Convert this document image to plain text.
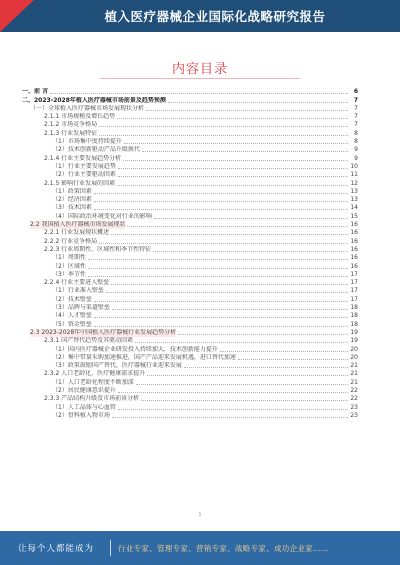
植入医疗器械企业国际化战略研究报告
内容目录
一、前 言	6
二、2023-2028年植入医疗器械市场前景及趋势预测	7
（一）全球植入医疗器械市场发展现状分析	7
2.1.1 市场规模及增长趋势	7
2.1.2 市场竞争格局	7
2.1.3 行业发展特征	8
（1）市场集中度持续提升	8
（2）技术创新驱动产品升级换代	9
2.1.4 行业主要发展趋势分析	9
（1）行业主要发展趋势	10
（2）行业主要驱动因素	11
2.1.5 影响行业发展的因素	12
（1）政策因素	13
（2）经济因素	13
（3）技术因素	14
（4）国际政治环境变化对行业的影响	15
2.2 我国植入医疗器械市场发展现状	16
2.2.1 行业发展现状概述	16
2.2.2 行业竞争格局	16
2.2.3 行业周期性、区域性和季节性特征	16
（1）周期性	16
（2）区域性	16
（3）季节性	17
2.2.4 行业主要进入壁垒	17
（1）行业准入壁垒	17
（2）技术壁垒	17
（3）品牌与渠道壁垒	18
（4）人才壁垒	18
（5）资金壁垒	18
2.3 2023-2028年中国植入医疗器械行业发展趋势分析	19
2.3.1 国产替代趋势及其驱动因素	19
（1）国内医疗器械企业研发投入持续加大，技术创新能力提升	20
（2）集中带量采购加速推进，国产产品迎来发展机遇，进口替代加速	20
（3）政策鼓励国产替代，医疗器械行业迎来发展	21
2.3.2 人口老龄化、医疗健康需求提升	21
（1）人口老龄化程度不断加深	21
（2）居民健康意识提升	22
2.3.3 产品结构升级及市场前景分析	22
（1）人工晶体与心血管	23
（2）骨科植入物市场	23
1
让每个人都能成为	行业专家、管理专家、营销专家、战略专家、成功企业家……
